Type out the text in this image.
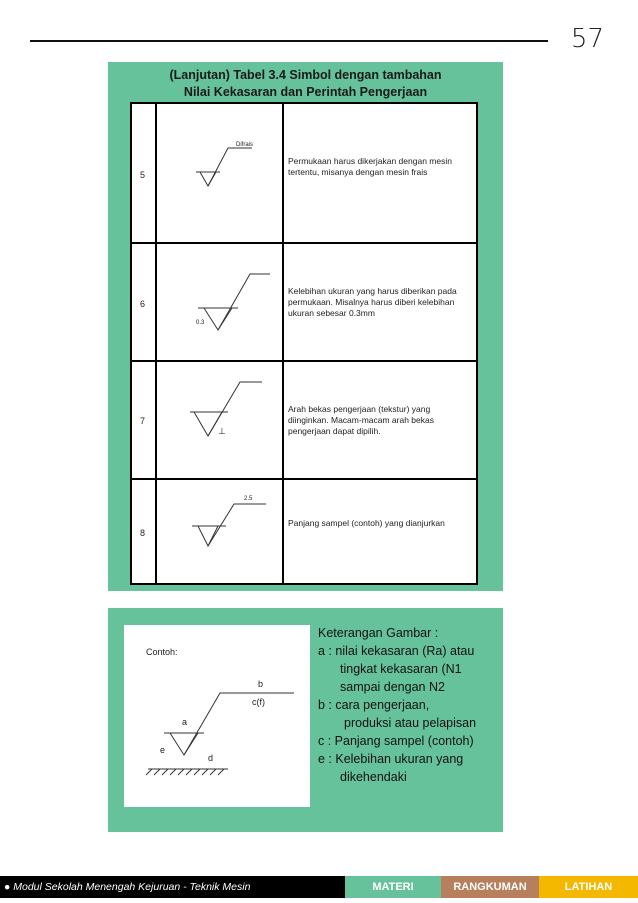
57
(Lanjutan) Tabel 3.4 Simbol dengan tambahan
Nilai Kekasaran dan Perintah Pengerjaan
5
Difrais
Permukaan harus dikerjakan dengan mesin tertentu, misanya dengan mesin frais
6
0.3
Kelebihan ukuran yang harus diberikan pada permukaan. Misalnya harus diberi kelebihan ukuran sebesar 0.3mm
7
⊥
Arah bekas pengerjaan (tekstur) yang diinginkan. Macam-macam arah bekas pengerjaan dapat dipilih.
8
2.5
Panjang sampel (contoh) yang dianjurkan
Contoh:
a
b
c(f)
d
e
Keterangan Gambar :
a : nilai kekasaran (Ra) atau
tingkat kekasaran (N1
sampai dengan N2
b : cara pengerjaan,
produksi atau pelapisan
c : Panjang sampel (contoh)
e : Kelebihan ukuran yang
dikehendaki
● Modul Sekolah Menengah Kejuruan - Teknik Mesin	MATERI	RANGKUMAN	LATIHAN
